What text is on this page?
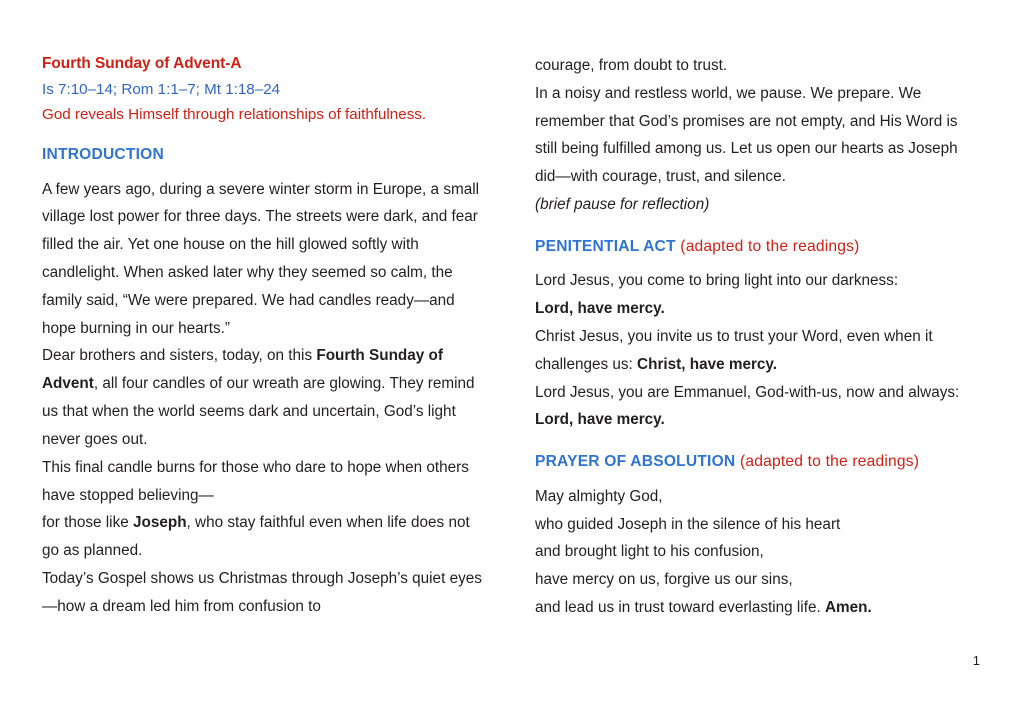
Fourth Sunday of Advent-A

Is 7:10–14; Rom 1:1–7; Mt 1:18–24

God reveals Himself through relationships of faithfulness.

INTRODUCTION

A few years ago, during a severe winter storm in Europe, a small village lost power for three days. The streets were dark, and fear filled the air. Yet one house on the hill glowed softly with candlelight. When asked later why they seemed so calm, the family said, “We were prepared. We had candles ready—and hope burning in our hearts.”

Dear brothers and sisters, today, on this Fourth Sunday of Advent, all four candles of our wreath are glowing. They remind us that when the world seems dark and uncertain, God’s light never goes out.

This final candle burns for those who dare to hope when others have stopped believing—

for those like Joseph, who stay faithful even when life does not go as planned.

Today’s Gospel shows us Christmas through Joseph’s quiet eyes—how a dream led him from confusion to

courage, from doubt to trust.

In a noisy and restless world, we pause. We prepare. We remember that God’s promises are not empty, and His Word is still being fulfilled among us. Let us open our hearts as Joseph did—with courage, trust, and silence.

(brief pause for reflection)

PENITENTIAL ACT (adapted to the readings)

Lord Jesus, you come to bring light into our darkness:

Lord, have mercy.

Christ Jesus, you invite us to trust your Word, even when it challenges us: Christ, have mercy.

Lord Jesus, you are Emmanuel, God-with-us, now and always: Lord, have mercy.

PRAYER OF ABSOLUTION (adapted to the readings)

May almighty God,

who guided Joseph in the silence of his heart

and brought light to his confusion,

have mercy on us, forgive us our sins,

and lead us in trust toward everlasting life. Amen.

1
